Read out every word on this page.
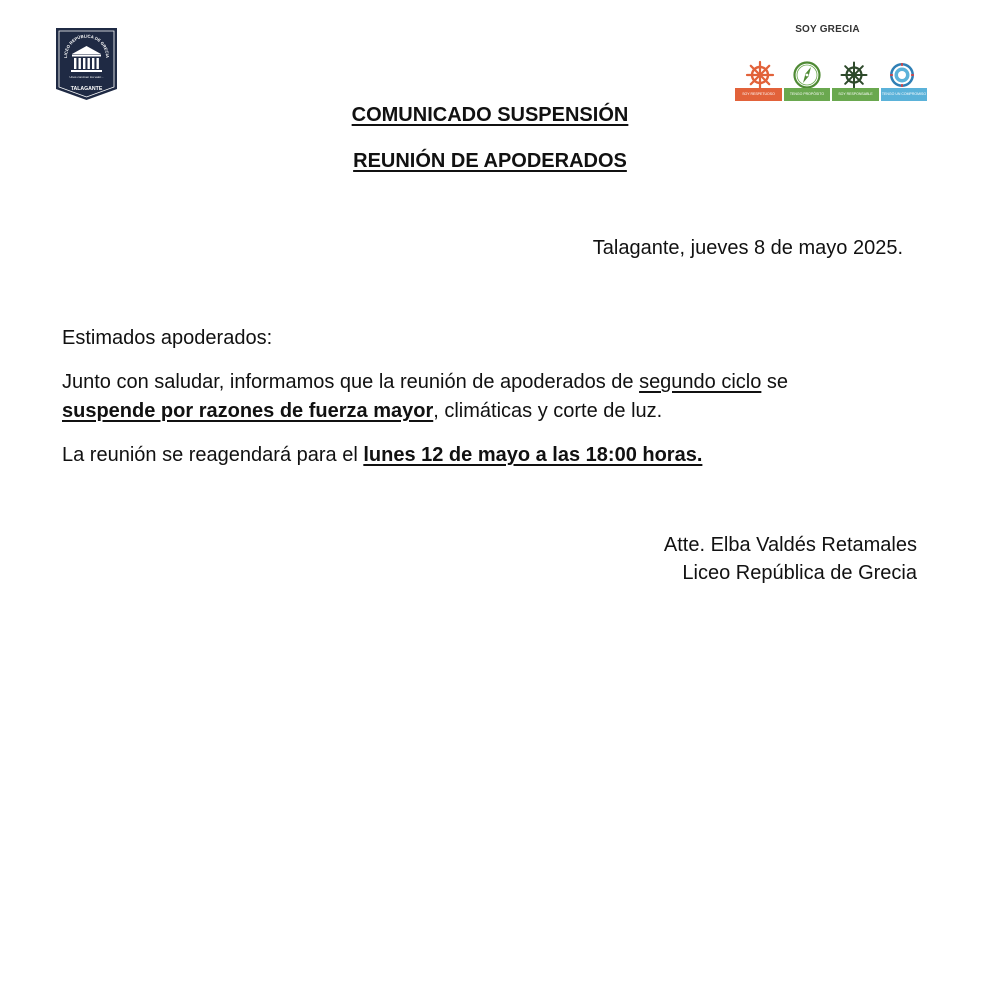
LICEO REPÚBLICA DE GRECIA
Unos conviven los valor...
TALAGANTE
SOY GRECIA
SOY RESPETUOSO	TENGO PROPÓSITO	SOY RESPONSABLE	TENGO UN COMPROMISO
COMUNICADO SUSPENSIÓN
REUNIÓN DE APODERADOS
Talagante, jueves 8 de mayo 2025.

Estimados apoderados:

Junto con saludar, informamos que la reunión de apoderados de segundo ciclo se
suspende por razones de fuerza mayor, climáticas y corte de luz.

La reunión se reagendará para el lunes 12 de mayo a las 18:00 horas.

Atte. Elba Valdés Retamales
Liceo República de Grecia
